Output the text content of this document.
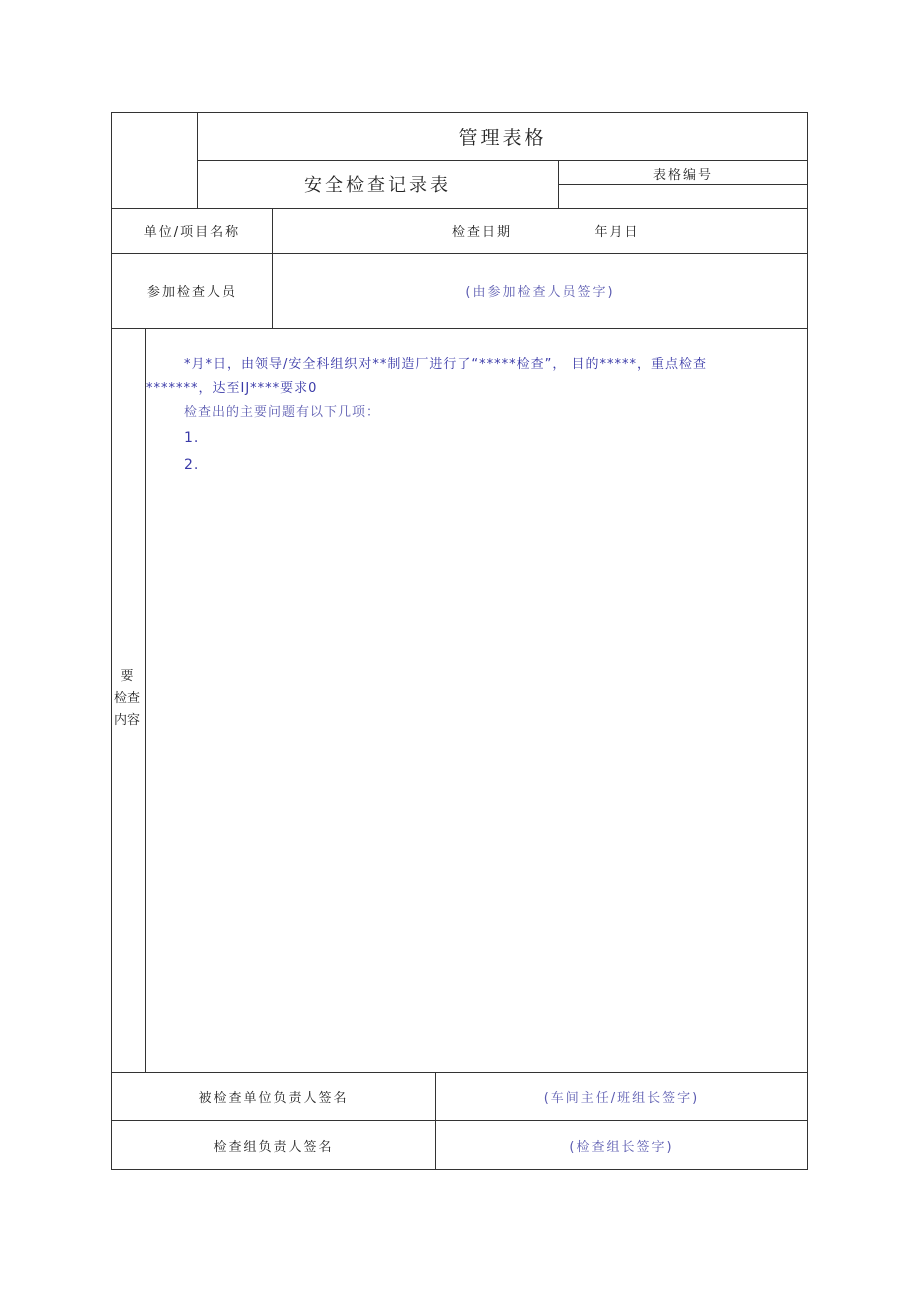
管理表格
安全检查记录表	表格编号
单位/项目名称	检查日期	年月日
参加检查人员	(由参加检查人员签字)
要
检查
内容
*月*日，由领导/安全科组织对**制造厂进行了“*****检查”， 目的*****，重点检查
*******，达至IJ****要求0
检查出的主要问题有以下几项：
1.
2.
被检查单位负责人签名	(车间主任/班组长签字)
检查组负责人签名	(检查组长签字)
